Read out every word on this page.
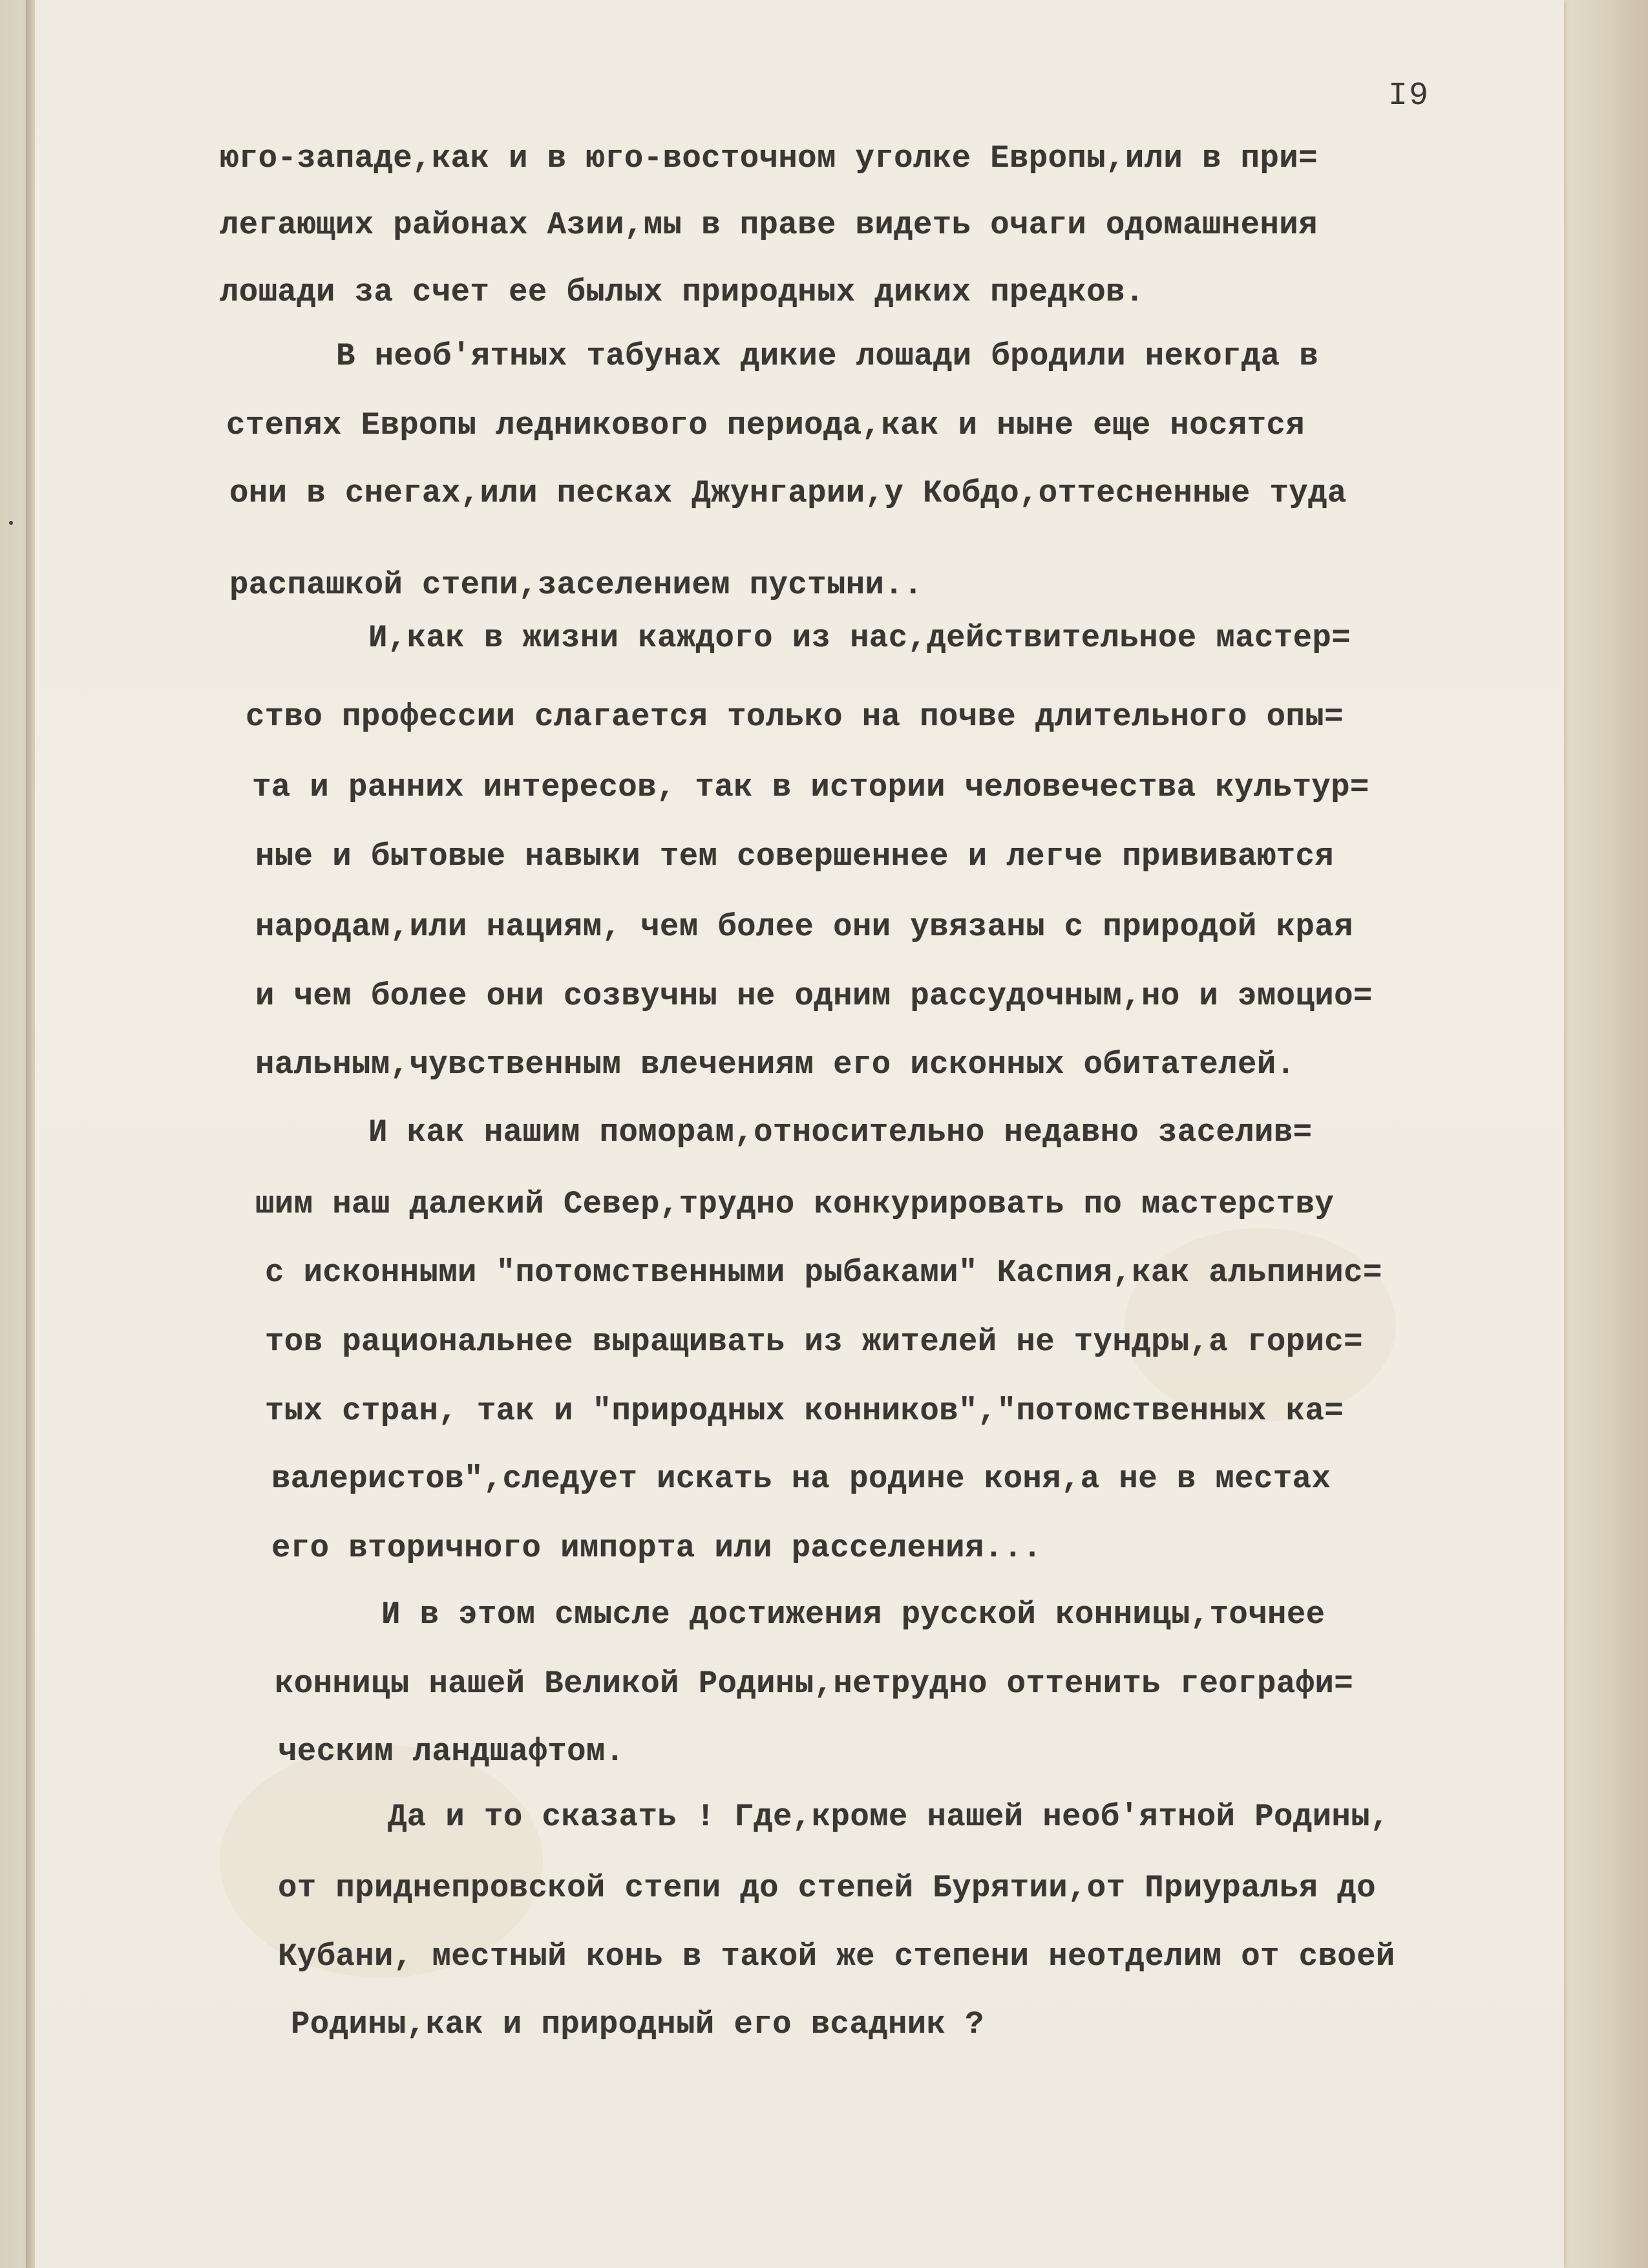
I9
юго-западе,как и в юго-восточном уголке Европы,или в при=
легающих районах Азии,мы в праве видеть очаги одомашнения
лошади за счет ее былых природных диких предков.
В необ'ятных табунах дикие лошади бродили некогда в
степях Европы ледникового периода,как и ныне еще носятся
они в снегах,или песках Джунгарии,у Кобдо,оттесненные туда
распашкой степи,заселением пустыни..
И,как в жизни каждого из нас,действительное мастер=
ство профессии слагается только на почве длительного опы=
та и ранних интересов, так в истории человечества культур=
ные и бытовые навыки тем совершеннее и легче прививаются
народам,или нациям, чем более они увязаны с природой края
и чем более они созвучны не одним рассудочным,но и эмоцио=
нальным,чувственным влечениям его исконных обитателей.
И как нашим поморам,относительно недавно заселив=
шим наш далекий Север,трудно конкурировать по мастерству
с исконными "потомственными рыбаками" Каспия,как альпинис=
тов рациональнее выращивать из жителей не тундры,а горис=
тых стран, так и "природных конников","потомственных ка=
валеристов",следует искать на родине коня,а не в местах
его вторичного импорта или расселения...
И в этом смысле достижения русской конницы,точнее
конницы нашей Великой Родины,нетрудно оттенить географи=
ческим ландшафтом.
Да и то сказать ! Где,кроме нашей необ'ятной Родины,
от приднепровской степи до степей Бурятии,от Приуралья до
Кубани, местный конь в такой же степени неотделим от своей
Родины,как и природный его всадник ?
